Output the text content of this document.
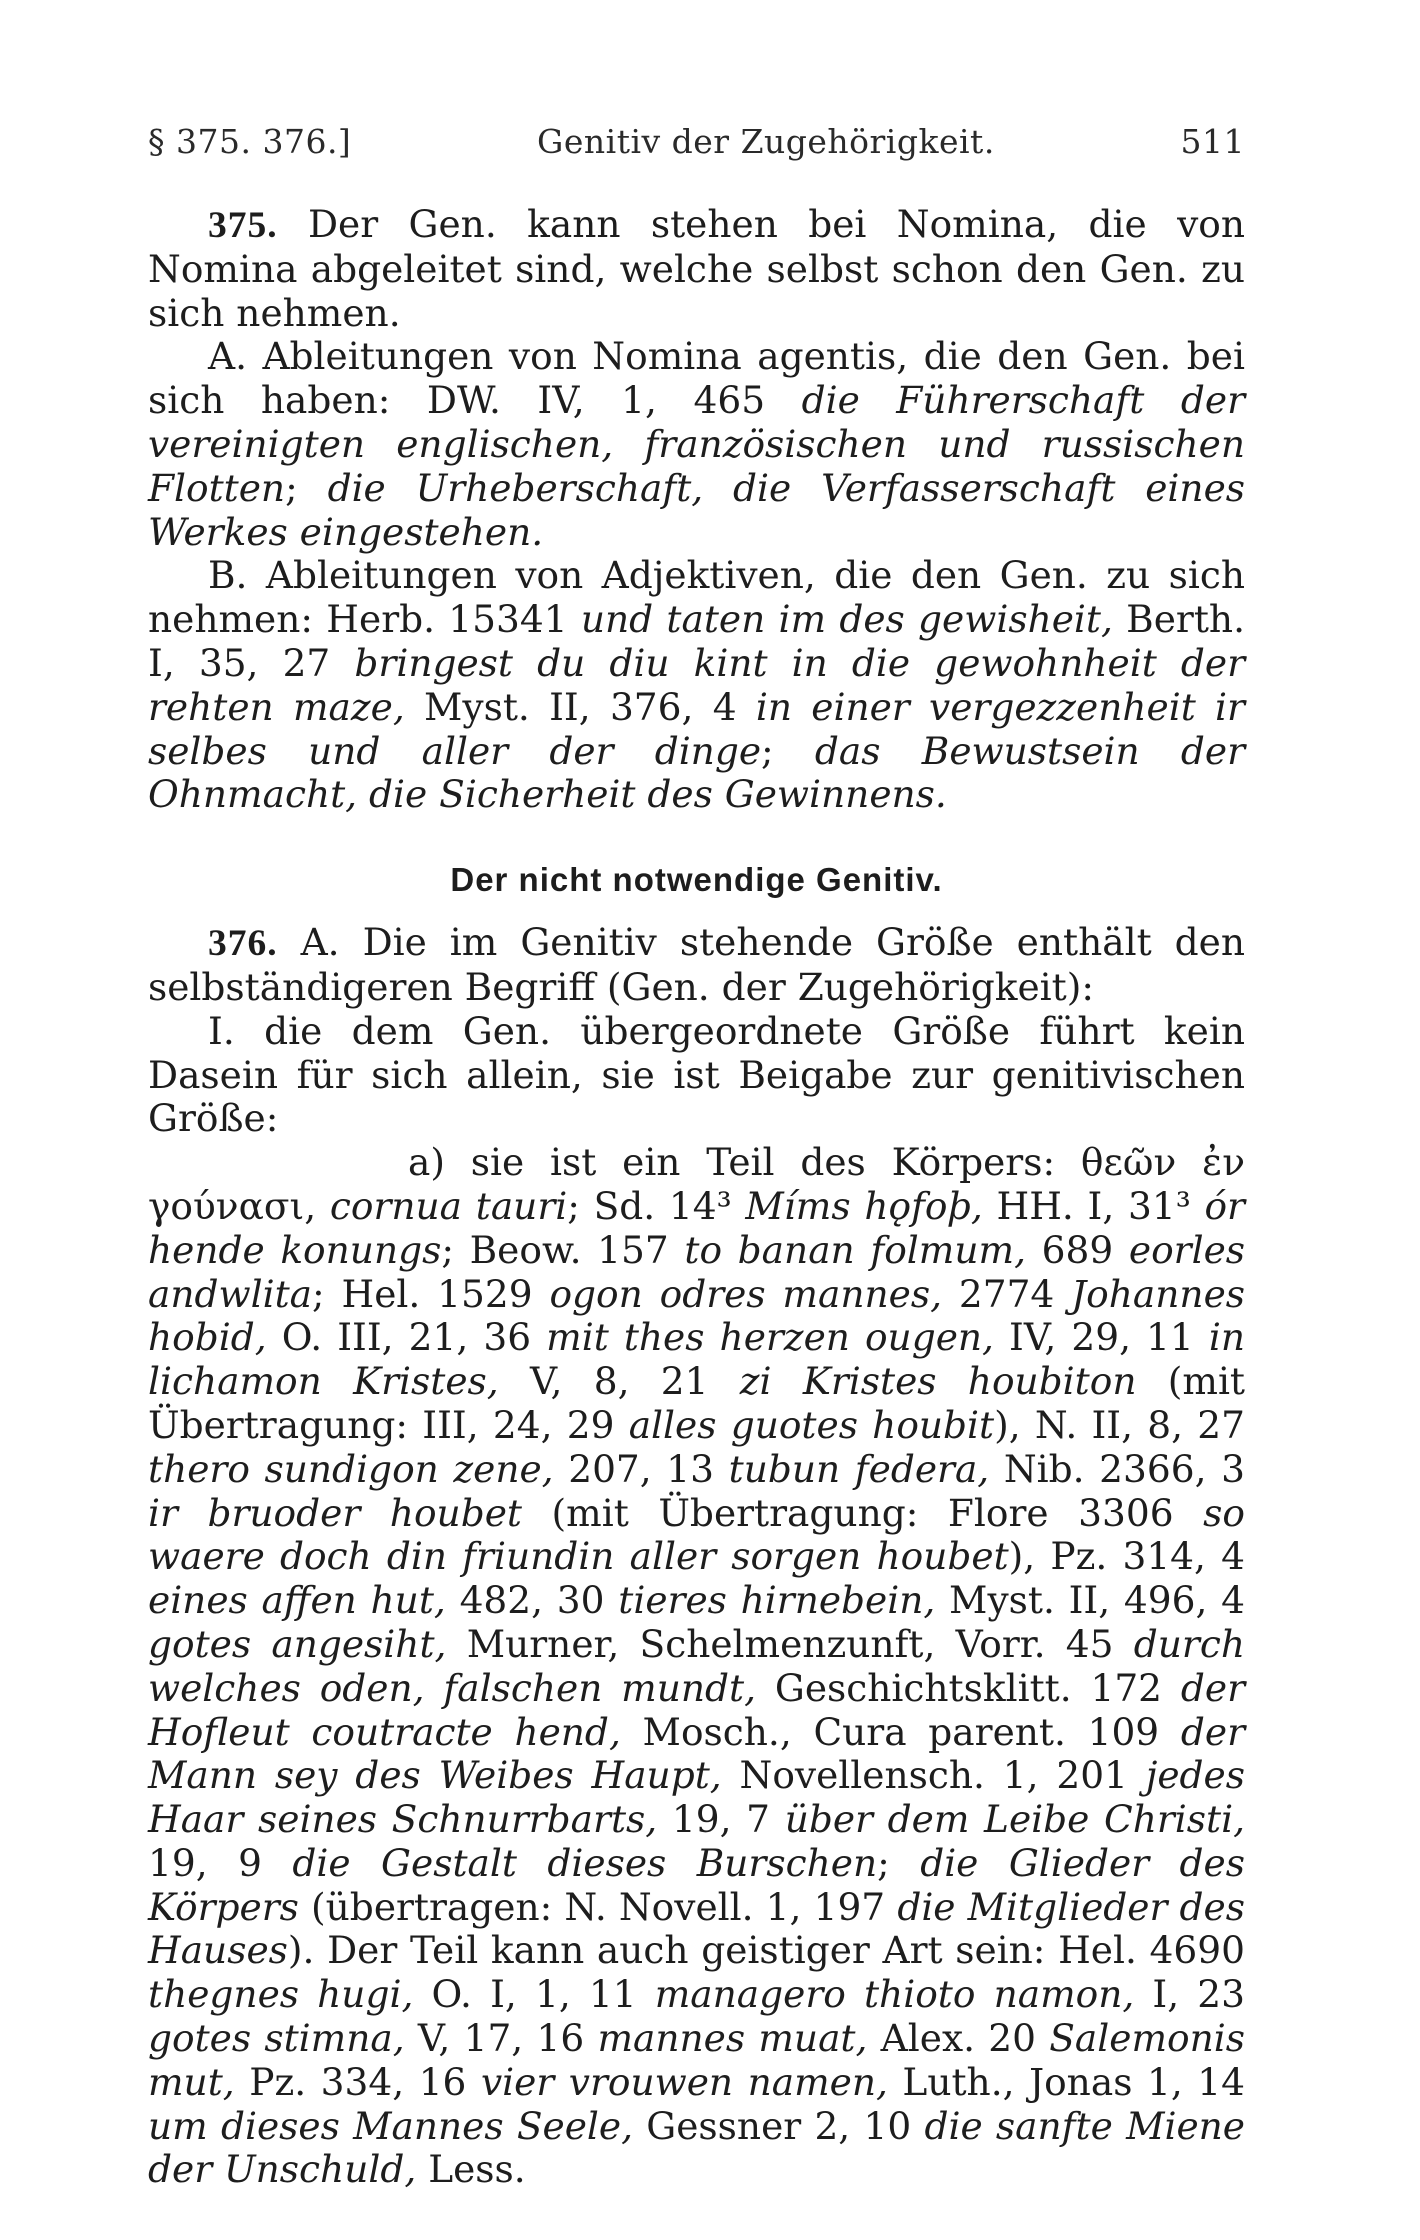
§ 375. 376.]	Genitiv der Zugehörigkeit.	511

375. Der Gen. kann stehen bei Nomina, die von Nomina abgeleitet sind, welche selbst schon den Gen. zu sich nehmen.

A. Ableitungen von Nomina agentis, die den Gen. bei sich haben: DW. IV, 1, 465 die Führerschaft der vereinigten englischen, französischen und russischen Flotten; die Urheberschaft, die Verfasserschaft eines Werkes eingestehen.

B. Ableitungen von Adjektiven, die den Gen. zu sich nehmen: Herb. 15341 und taten im des gewisheit, Berth. I, 35, 27 bringest du diu kint in die gewohnheit der rehten maze, Myst. II, 376, 4 in einer vergezzenheit ir selbes und aller der dinge; das Bewustsein der Ohnmacht, die Sicherheit des Gewinnens.

Der nicht notwendige Genitiv.

376. A. Die im Genitiv stehende Größe enthält den selbständigeren Begriff (Gen. der Zugehörigkeit):

I. die dem Gen. übergeordnete Größe führt kein Dasein für sich allein, sie ist Beigabe zur genitivischen Größe:

a) sie ist ein Teil des Körpers: θεῶν ἐν γούνασι, cornua tauri; Sd. 14³ Míms hǫfoþ, HH. I, 31³ ór hende konungs; Beow. 157 to banan folmum, 689 eorles andwlita; Hel. 1529 ogon odres mannes, 2774 Johannes hobid, O. III, 21, 36 mit thes herzen ougen, IV, 29, 11 in lichamon Kristes, V, 8, 21 zi Kristes houbiton (mit Übertragung: III, 24, 29 alles guotes houbit), N. II, 8, 27 thero sundigon zene, 207, 13 tubun federa, Nib. 2366, 3 ir bruoder houbet (mit Übertragung: Flore 3306 so waere doch din friundin aller sorgen houbet), Pz. 314, 4 eines affen hut, 482, 30 tieres hirnebein, Myst. II, 496, 4 gotes angesiht, Murner, Schelmenzunft, Vorr. 45 durch welches oden, falschen mundt, Geschichtsklitt. 172 der Hofleut coutracte hend, Mosch., Cura parent. 109 der Mann sey des Weibes Haupt, Novellensch. 1, 201 jedes Haar seines Schnurrbarts, 19, 7 über dem Leibe Christi, 19, 9 die Gestalt dieses Burschen; die Glieder des Körpers (übertragen: N. Novell. 1, 197 die Mitglieder des Hauses). Der Teil kann auch geistiger Art sein: Hel. 4690 thegnes hugi, O. I, 1, 11 managero thioto namon, I, 23 gotes stimna, V, 17, 16 mannes muat, Alex. 20 Salemonis mut, Pz. 334, 16 vier vrouwen namen, Luth., Jonas 1, 14 um dieses Mannes Seele, Gessner 2, 10 die sanfte Miene der Unschuld, Less.
